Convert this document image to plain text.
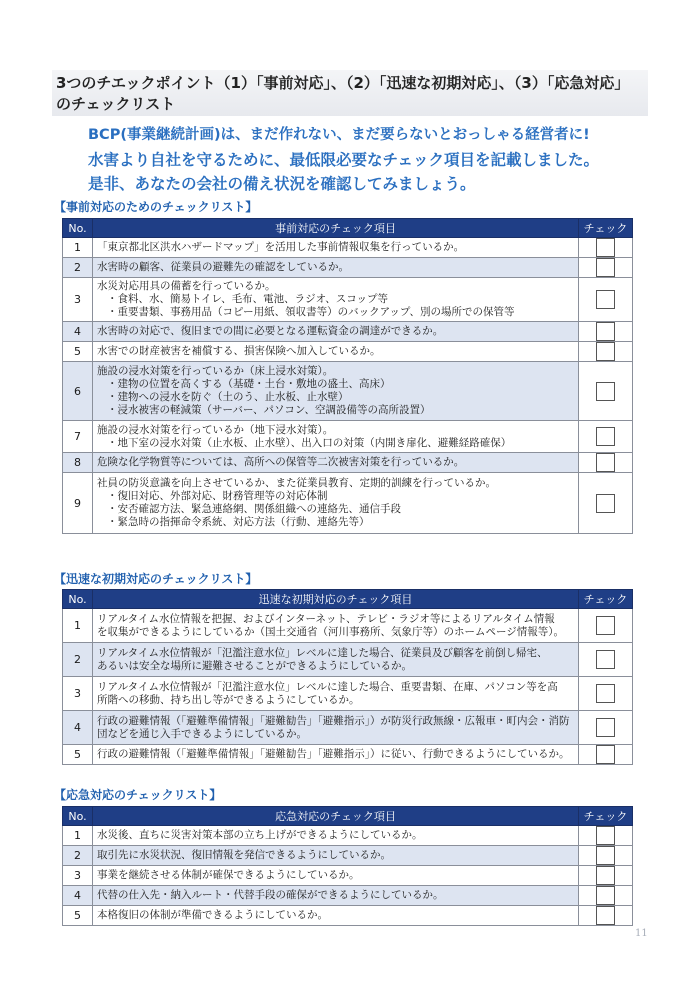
3つのチエックポイント（1）「事前対応」、（2）「迅速な初期対応」、（3）「応急対応」
のチェックリスト
BCP(事業継続計画)は、まだ作れない、まだ要らないとおっしゃる経営者に!
水害より自社を守るために、最低限必要なチェック項目を記載しました。
是非、あなたの会社の備え状況を確認してみましょう。
【事前対応のためのチェックリスト】
No.	事前対応のチェック項目	チェック
1	「東京都北区洪水ハザードマップ」を活用した事前情報収集を行っているか。	

2	水害時の顧客、従業員の避難先の確認をしているか。	

3	水災対応用具の備蓄を行っているか。
・食料、水、簡易トイレ、毛布、電池、ラジオ、スコップ等
・重要書類、事務用品（コピー用紙、領収書等）のバックアップ、別の場所での保管等	

4	水害時の対応で、復旧までの間に必要となる運転資金の調達ができるか。	

5	水害での財産被害を補償する、損害保険へ加入しているか。	

6	施設の浸水対策を行っているか（床上浸水対策）。
・建物の位置を高くする（基礎・土台・敷地の盛土、高床）
・建物への浸水を防ぐ（土のう、止水板、止水壁）
・浸水被害の軽減策（サーバー、パソコン、空調設備等の高所設置）	

7	施設の浸水対策を行っているか（地下浸水対策）。
・地下室の浸水対策（止水板、止水壁）、出入口の対策（内開き扉化、避難経路確保）	

8	危険な化学物質等については、高所への保管等二次被害対策を行っているか。	

9	社員の防災意識を向上させているか、また従業員教育、定期的訓練を行っているか。
・復旧対応、外部対応、財務管理等の対応体制
・安否確認方法、緊急連絡網、関係組織への連絡先、通信手段
・緊急時の指揮命令系統、対応方法（行動、連絡先等）	

【迅速な初期対応のチェックリスト】
No.	迅速な初期対応のチェック項目	チェック
1	リアルタイム水位情報を把握、およびインターネット、テレビ・ラジオ等によるリアルタイム情報
を収集ができるようにしているか（国土交通省（河川事務所、気象庁等）のホームページ情報等）。	

2	リアルタイム水位情報が「氾濫注意水位」レベルに達した場合、従業員及び顧客を前倒し帰宅、
あるいは安全な場所に避難させることができるようにしているか。	

3	リアルタイム水位情報が「氾濫注意水位」レベルに達した場合、重要書類、在庫、パソコン等を高
所階への移動、持ち出し等ができるようにしているか。	

4	行政の避難情報（「避難準備情報」「避難勧告」「避難指示」）が防災行政無線・広報車・町内会・消防
団などを通じ入手できるようにしているか。	

5	行政の避難情報（「避難準備情報」「避難勧告」「避難指示」）に従い、行動できるようにしているか。	

【応急対応のチェックリスト】
No.	応急対応のチェック項目	チェック
1	水災後、直ちに災害対策本部の立ち上げができるようにしているか。	

2	取引先に水災状況、復旧情報を発信できるようにしているか。	

3	事業を継続させる体制が確保できるようにしているか。	

4	代替の仕入先・納入ルート・代替手段の確保ができるようにしているか。	

5	本格復旧の体制が準備できるようにしているか。	

11
